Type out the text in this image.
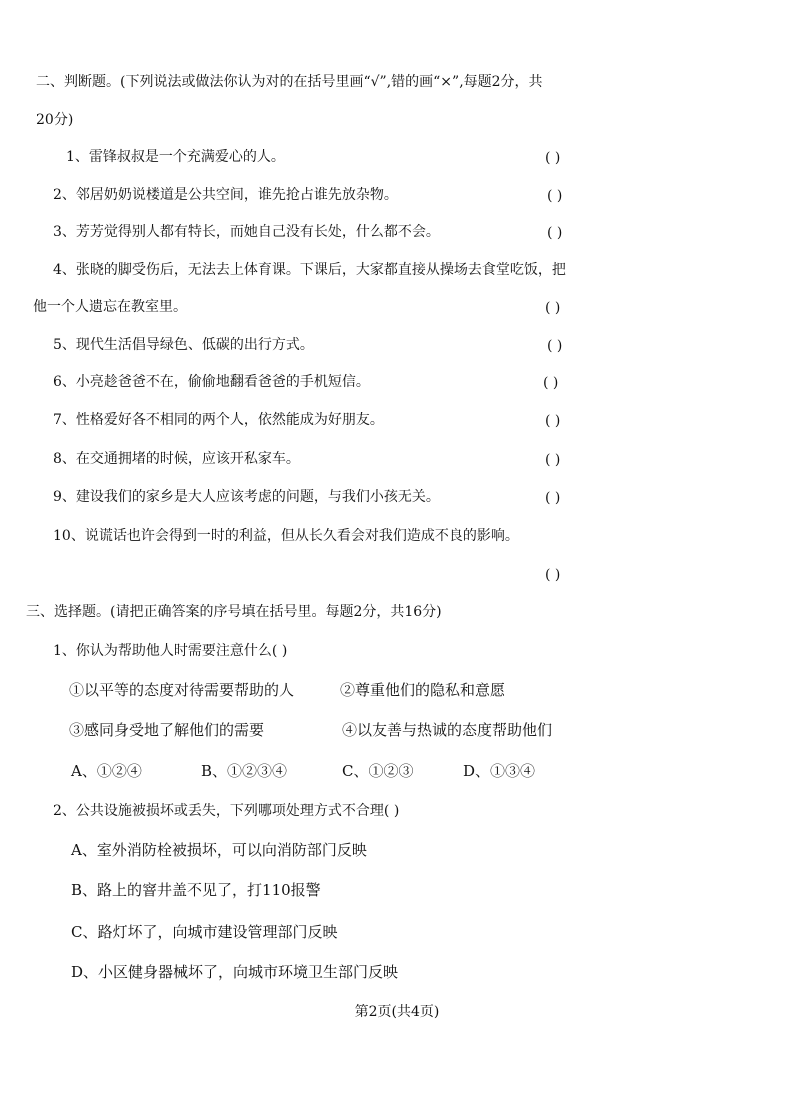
二、判断题。(下列说法或做法你认为对的在括号里画“√”,错的画“×”,每题2分，共
20分)
1、雷锋叔叔是一个充满爱心的人。	( )
2、邻居奶奶说楼道是公共空间，谁先抢占谁先放杂物。	( )
3、芳芳觉得别人都有特长，而她自己没有长处，什么都不会。	( )
4、张晓的脚受伤后，无法去上体育课。下课后，大家都直接从操场去食堂吃饭，把
他一个人遗忘在教室里。	( )
5、现代生活倡导绿色、低碳的出行方式。	( )
6、小亮趁爸爸不在，偷偷地翻看爸爸的手机短信。	( )
7、性格爱好各不相同的两个人，依然能成为好朋友。	( )
8、在交通拥堵的时候，应该开私家车。	( )
9、建设我们的家乡是大人应该考虑的问题，与我们小孩无关。	( )
10、说谎话也许会得到一时的利益，但从长久看会对我们造成不良的影响。
( )
三、选择题。(请把正确答案的序号填在括号里。每题2分，共16分)
1、你认为帮助他人时需要注意什么( )
①以平等的态度对待需要帮助的人	②尊重他们的隐私和意愿
③感同身受地了解他们的需要	④以友善与热诚的态度帮助他们
A、①②④	B、①②③④	C、①②③	D、①③④
2、公共设施被损坏或丢失，下列哪项处理方式不合理( )
A、室外消防栓被损坏，可以向消防部门反映
B、路上的窨井盖不见了，打110报警
C、路灯坏了，向城市建设管理部门反映
D、小区健身器械坏了，向城市环境卫生部门反映
第2页(共4页)
